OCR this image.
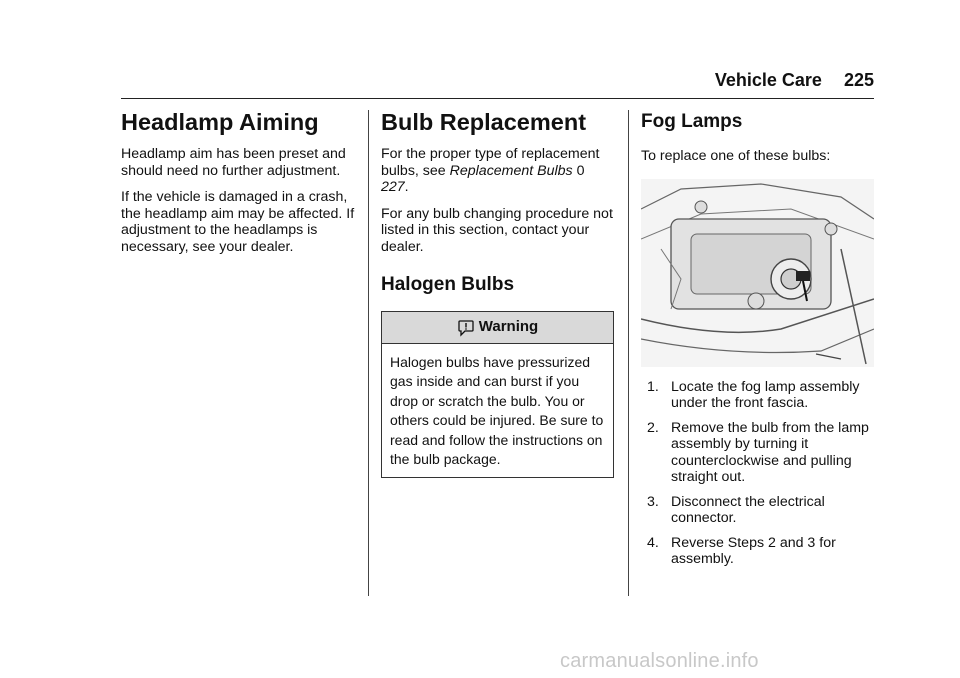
Vehicle Care 225
Headlamp Aiming

Headlamp aim has been preset and should need no further adjustment.

If the vehicle is damaged in a crash, the headlamp aim may be affected. If adjustment to the headlamps is necessary, see your dealer.

Bulb Replacement

For the proper type of replacement bulbs, see Replacement Bulbs 0 227.

For any bulb changing procedure not listed in this section, contact your dealer.

Halogen Bulbs
Warning
Halogen bulbs have pressurized gas inside and can burst if you drop or scratch the bulb. You or others could be injured. Be sure to read and follow the instructions on the bulb package.
Fog Lamps

To replace one of these bulbs:

1. Locate the fog lamp assembly under the front fascia.
2. Remove the bulb from the lamp assembly by turning it counterclockwise and pulling straight out.
3. Disconnect the electrical connector.
4. Reverse Steps 2 and 3 for assembly.
carmanualsonline.info
